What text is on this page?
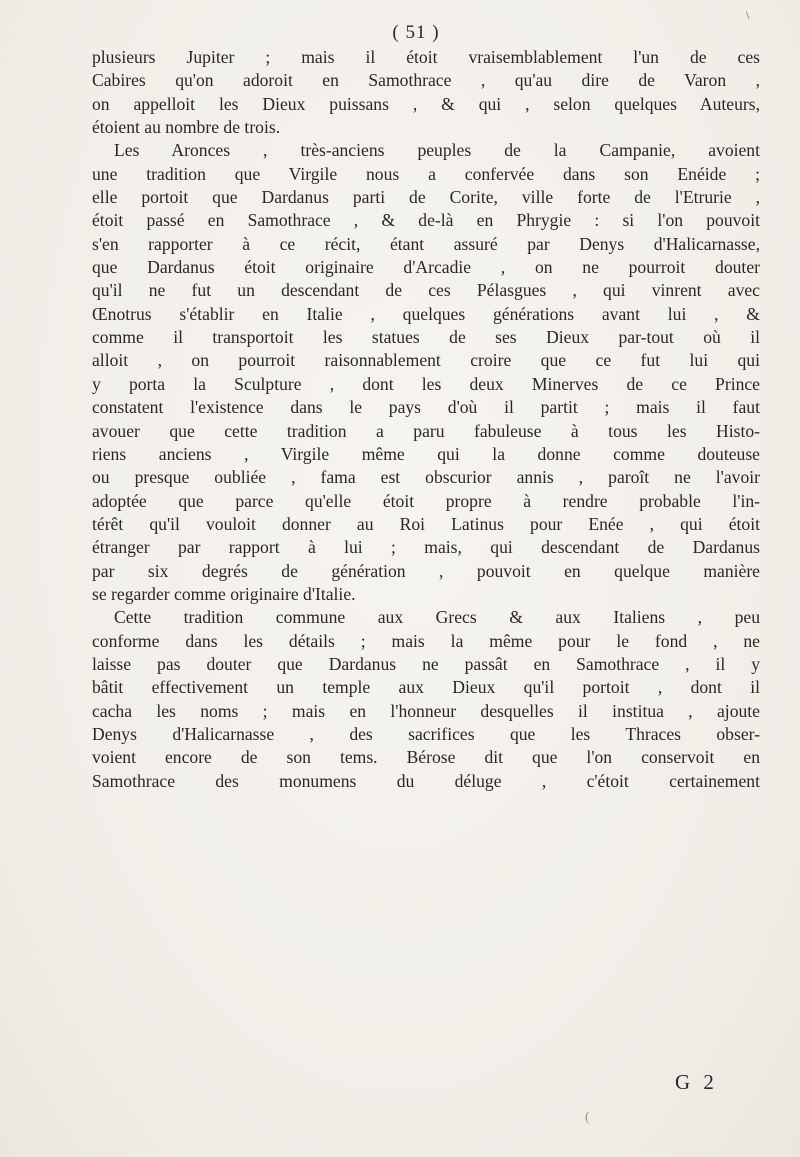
\
( 51 )
plusieurs Jupiter ; mais il étoit vraisemblablement l'un de ces
Cabires qu'on adoroit en Samothrace , qu'au dire de Varon ,
on appelloit les Dieux puissans , & qui , selon quelques Auteurs,
étoient au nombre de trois.
Les Aronces , très-anciens peuples de la Campanie, avoient
une tradition que Virgile nous a confervée dans son Enéide ;
elle portoit que Dardanus parti de Corite, ville forte de l'Etrurie ,
étoit passé en Samothrace , & de-là en Phrygie : si l'on pouvoit
s'en rapporter à ce récit, étant assuré par Denys d'Halicarnasse,
que Dardanus étoit originaire d'Arcadie , on ne pourroit douter
qu'il ne fut un descendant de ces Pélasgues , qui vinrent avec
Œnotrus s'établir en Italie , quelques générations avant lui , &
comme il transportoit les statues de ses Dieux par-tout où il
alloit , on pourroit raisonnablement croire que ce fut lui qui
y porta la Sculpture , dont les deux Minerves de ce Prince
constatent l'existence dans le pays d'où il partit ; mais il faut
avouer que cette tradition a paru fabuleuse à tous les Histo-
riens anciens , Virgile même qui la donne comme douteuse
ou presque oubliée , fama est obscurior annis , paroît ne l'avoir
adoptée que parce qu'elle étoit propre à rendre probable l'in-
térêt qu'il vouloit donner au Roi Latinus pour Enée , qui étoit
étranger par rapport à lui ; mais, qui descendant de Dardanus
par six degrés de génération , pouvoit en quelque manière
se regarder comme originaire d'Italie.
Cette tradition commune aux Grecs & aux Italiens , peu
conforme dans les détails ; mais la même pour le fond , ne
laisse pas douter que Dardanus ne passât en Samothrace , il y
bâtit effectivement un temple aux Dieux qu'il portoit , dont il
cacha les noms ; mais en l'honneur desquelles il institua , ajoute
Denys d'Halicarnasse , des sacrifices que les Thraces obser-
voient encore de son tems. Bérose dit que l'on conservoit en
Samothrace des monumens du déluge , c'étoit certainement
G 2
(
